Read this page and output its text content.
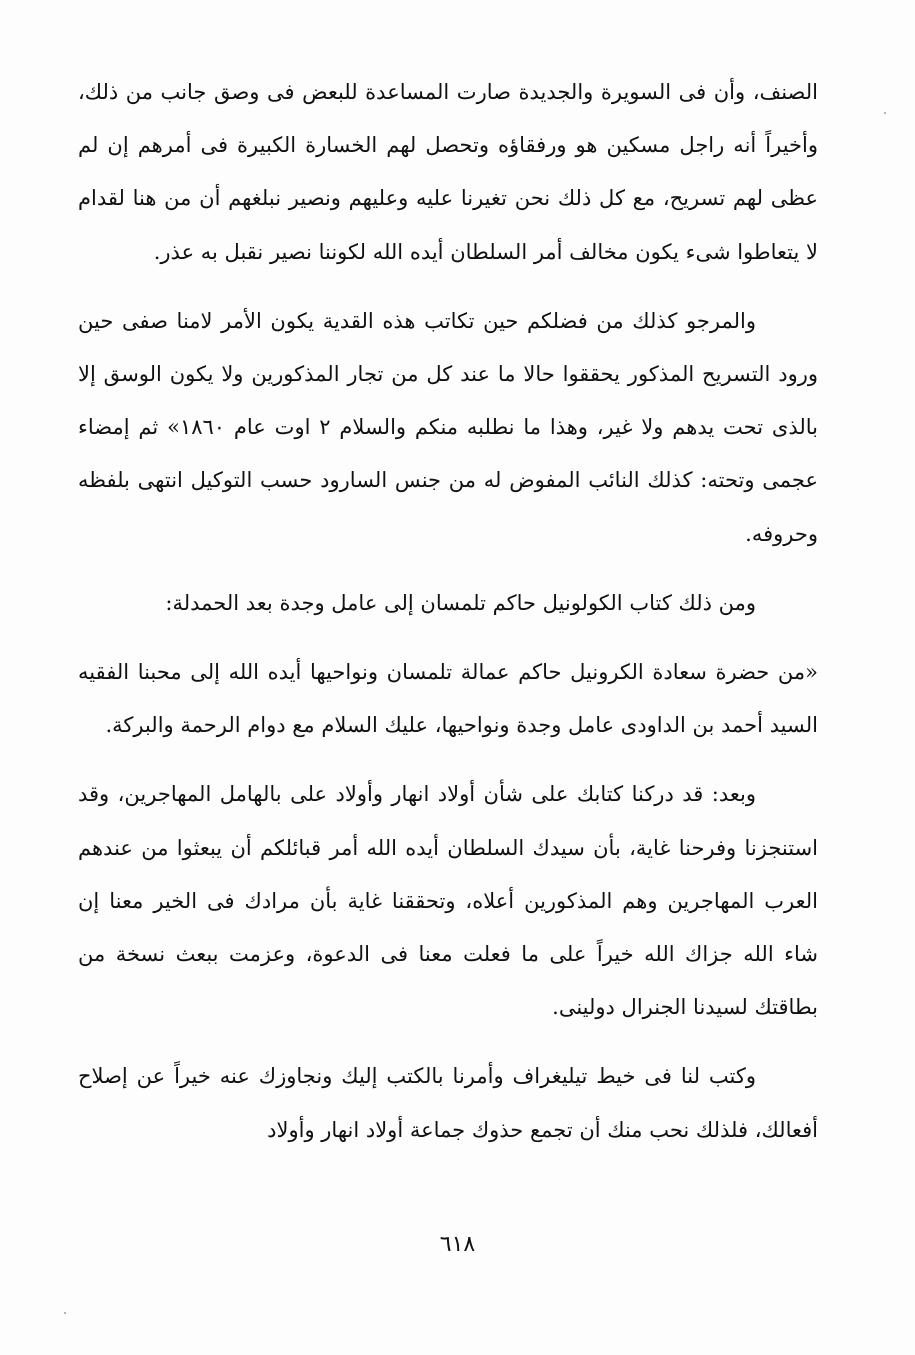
الصنف، وأن فى السويرة والجديدة صارت المساعدة للبعض فى وصق جانب من ذلك، وأخيراً أنه راجل مسكين هو ورفقاؤه وتحصل لهم الخسارة الكبيرة فى أمرهم إن لم عظى لهم تسريح، مع كل ذلك نحن تغيرنا عليه وعليهم ونصير نبلغهم أن من هنا لقدام لا يتعاطوا شىء يكون مخالف أمر السلطان أيده الله لكوننا نصير نقبل به عذر.

والمرجو كذلك من فضلكم حين تكاتب هذه القدية يكون الأمر لامنا صفى حين ورود التسريح المذكور يحققوا حالا ما عند كل من تجار المذكورين ولا يكون الوسق إلا بالذى تحت يدهم ولا غير، وهذا ما نطلبه منكم والسلام ٢ اوت عام ١٨٦٠» ثم إمضاء عجمى وتحته: كذلك النائب المفوض له من جنس السارود حسب التوكيل انتهى بلفظه وحروفه.

ومن ذلك كتاب الكولونيل حاكم تلمسان إلى عامل وجدة بعد الحمدلة:

«من حضرة سعادة الكرونيل حاكم عمالة تلمسان ونواحيها أيده الله إلى محبنا الفقيه السيد أحمد بن الداودى عامل وجدة ونواحيها، عليك السلام مع دوام الرحمة والبركة.

وبعد: قد دركنا كتابك على شأن أولاد انهار وأولاد على بالهامل المهاجرين، وقد استنجزنا وفرحنا غاية، بأن سيدك السلطان أيده الله أمر قبائلكم أن يبعثوا من عندهم العرب المهاجرين وهم المذكورين أعلاه، وتحققنا غاية بأن مرادك فى الخير معنا إن شاء الله جزاك الله خيراً على ما فعلت معنا فى الدعوة، وعزمت ببعث نسخة من بطاقتك لسيدنا الجنرال دولينى.

وكتب لنا فى خيط تيليغراف وأمرنا بالكتب إليك ونجاوزك عنه خيراً عن إصلاح أفعالك، فلذلك نحب منك أن تجمع حذوك جماعة أولاد انهار وأولاد

٦١٨
